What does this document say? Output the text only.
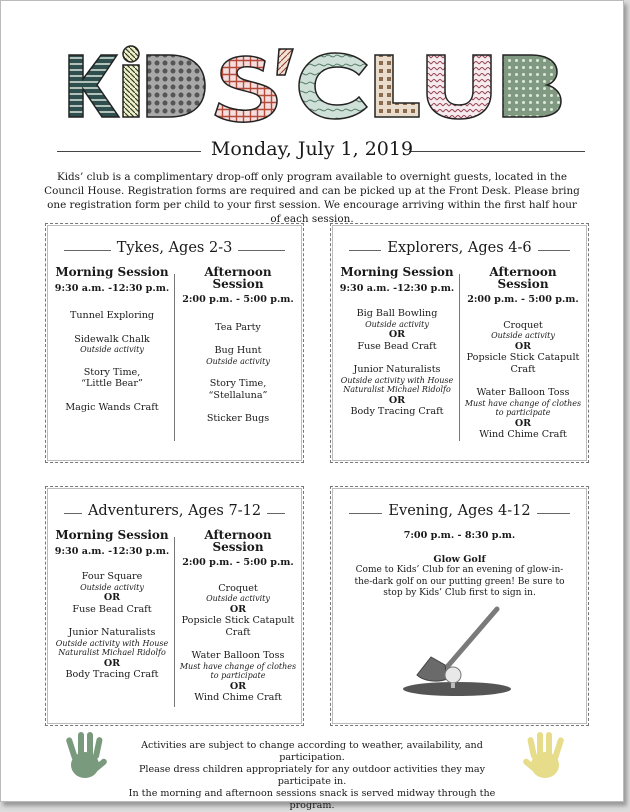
Monday, July 1, 2019
Kids’ club is a complimentary drop-off only program available to overnight guests, located in the Council House. Registration forms are required and can be picked up at the Front Desk. Please bring one registration form per child to your first session. We encourage arriving within the first half hour of each session.
Tykes, Ages 2-3
Morning Session
9:30 a.m. -12:30 p.m.
Tunnel Exploring
Sidewalk Chalk
Outside activity
Story Time,
“Little Bear”
Magic Wands Craft
Afternoon Session
2:00 p.m. - 5:00 p.m.
Tea Party
Bug Hunt
Outside activity
Story Time,
“Stellaluna”
Sticker Bugs
Explorers, Ages 4-6
Morning Session
9:30 a.m. -12:30 p.m.
Big Ball Bowling
Outside activity
OR
Fuse Bead Craft
Junior Naturalists
Outside activity with House Naturalist Michael Ridolfo
OR
Body Tracing Craft
Afternoon Session
2:00 p.m. - 5:00 p.m.
Croquet
Outside activity
OR
Popsicle Stick Catapult Craft
Water Balloon Toss
Must have change of clothes to participate
OR
Wind Chime Craft
Adventurers, Ages 7-12
Morning Session
9:30 a.m. -12:30 p.m.
Four Square
Outside activity
OR
Fuse Bead Craft
Junior Naturalists
Outside activity with House Naturalist Michael Ridolfo
OR
Body Tracing Craft
Afternoon Session
2:00 p.m. - 5:00 p.m.
Croquet
Outside activity
OR
Popsicle Stick Catapult Craft
Water Balloon Toss
Must have change of clothes to participate
OR
Wind Chime Craft
Evening, Ages 4-12
7:00 p.m. - 8:30 p.m.
Glow Golf
Come to Kids’ Club for an evening of glow-in-the-dark golf on our putting green! Be sure to stop by Kids’ Club first to sign in.
Activities are subject to change according to weather, availability, and participation.
Please dress children appropriately for any outdoor activities they may participate in.
In the morning and afternoon sessions snack is served midway through the program.
